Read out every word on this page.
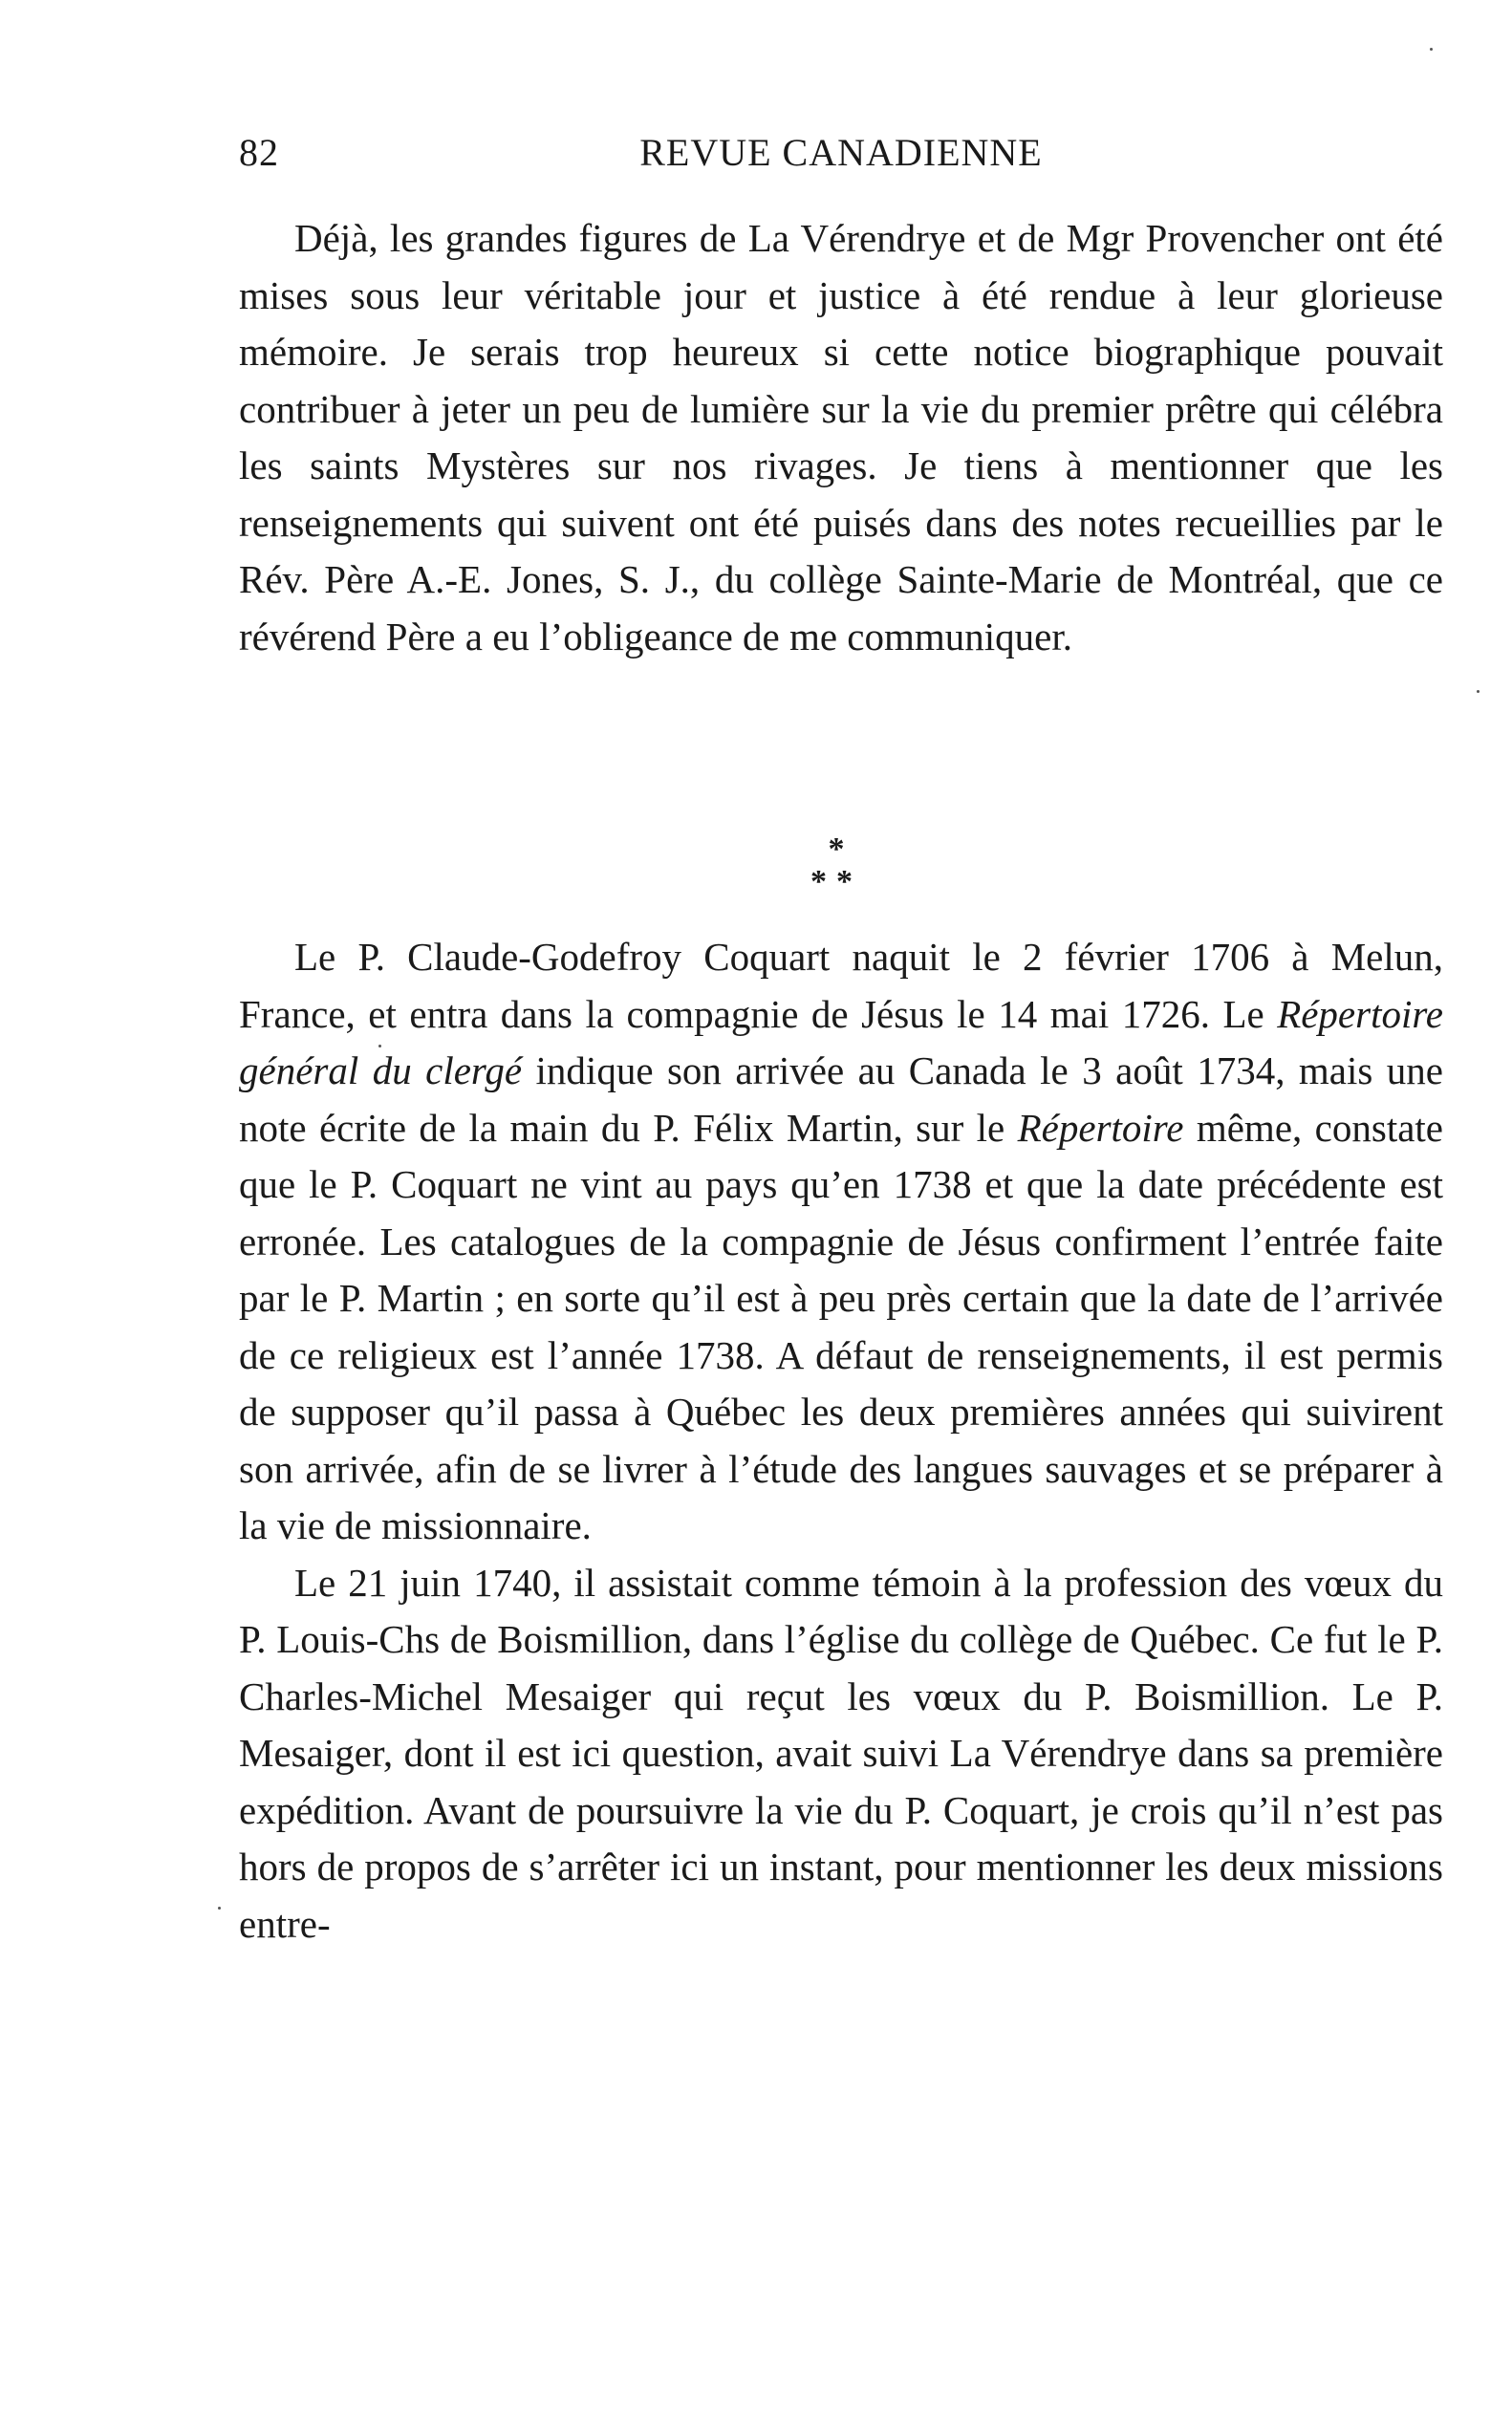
82	REVUE CANADIENNE

Déjà, les grandes figures de La Vérendrye et de Mgr Provencher ont été mises sous leur véritable jour et justice à été rendue à leur glorieuse mémoire. Je serais trop heureux si cette notice biographique pouvait contribuer à jeter un peu de lumière sur la vie du premier prêtre qui célébra les saints Mystères sur nos rivages. Je tiens à mentionner que les renseignements qui suivent ont été puisés dans des notes recueillies par le Rév. Père A.-E. Jones, S. J., du collège Sainte-Marie de Montréal, que ce révérend Père a eu l’obligeance de me communiquer.

*
**

Le P. Claude-Godefroy Coquart naquit le 2 février 1706 à Melun, France, et entra dans la compagnie de Jésus le 14 mai 1726. Le Répertoire général du clergé indique son arrivée au Canada le 3 août 1734, mais une note écrite de la main du P. Félix Martin, sur le Répertoire même, constate que le P. Coquart ne vint au pays qu’en 1738 et que la date précédente est erronée. Les catalogues de la compagnie de Jésus confirment l’entrée faite par le P. Martin ; en sorte qu’il est à peu près certain que la date de l’arrivée de ce religieux est l’année 1738. A défaut de renseignements, il est permis de supposer qu’il passa à Québec les deux premières années qui suivirent son arrivée, afin de se livrer à l’étude des langues sauvages et se préparer à la vie de missionnaire.

Le 21 juin 1740, il assistait comme témoin à la profession des vœux du P. Louis-Chs de Boismillion, dans l’église du collège de Québec. Ce fut le P. Charles-Michel Mesaiger qui reçut les vœux du P. Boismillion. Le P. Mesaiger, dont il est ici question, avait suivi La Vérendrye dans sa première expédition. Avant de poursuivre la vie du P. Coquart, je crois qu’il n’est pas hors de propos de s’arrêter ici un instant, pour mentionner les deux missions entre-
